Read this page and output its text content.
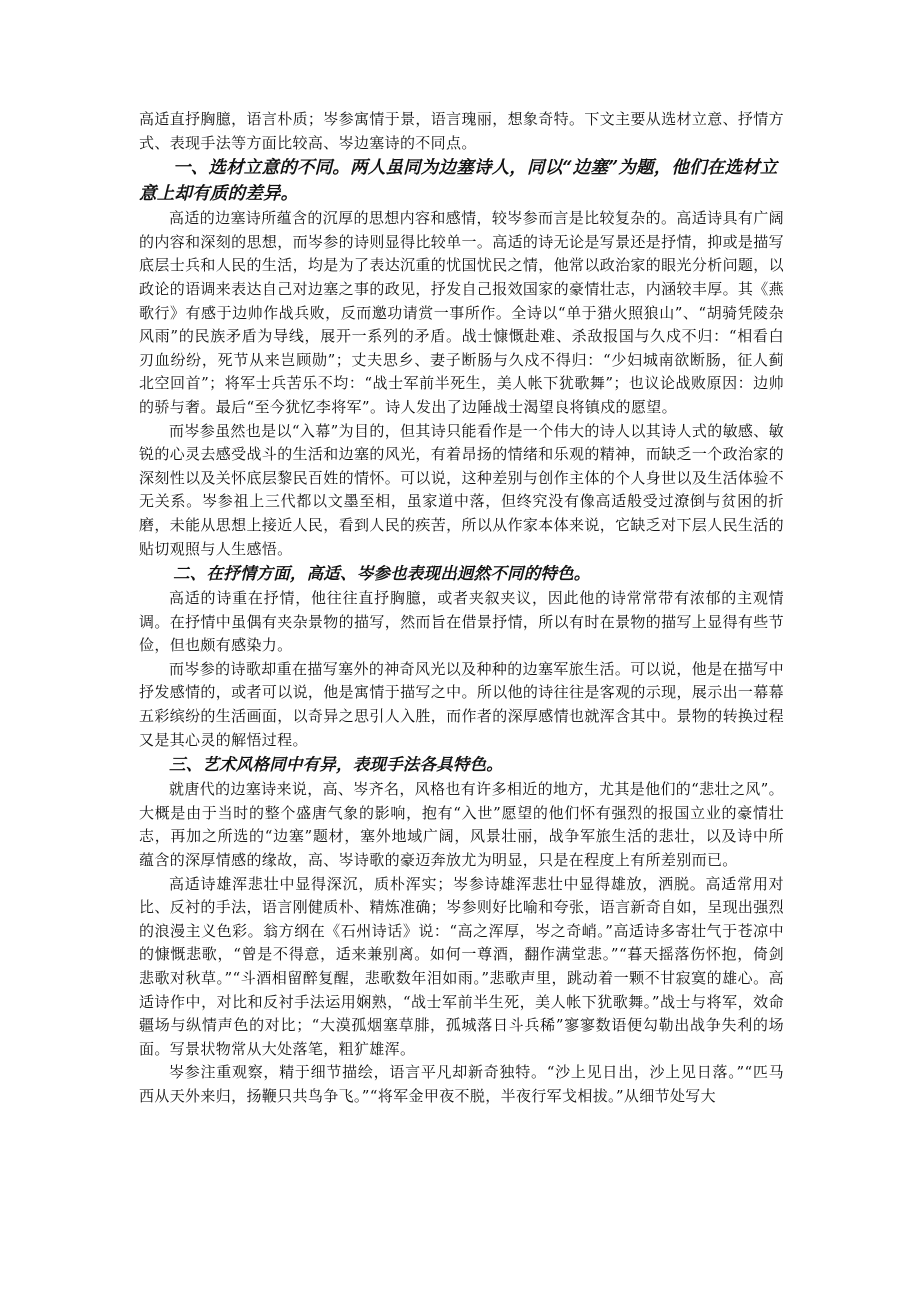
高适直抒胸臆，语言朴质；岑参寓情于景，语言瑰丽，想象奇特。下文主要从选材立意、抒情方式、表现手法等方面比较高、岑边塞诗的不同点。

一、选材立意的不同。两人虽同为边塞诗人，同以“边塞”为题，他们在选材立意上却有质的差异。

高适的边塞诗所蕴含的沉厚的思想内容和感情，较岑参而言是比较复杂的。高适诗具有广阔的内容和深刻的思想，而岑参的诗则显得比较单一。高适的诗无论是写景还是抒情，抑或是描写底层士兵和人民的生活，均是为了表达沉重的忧国忧民之情，他常以政治家的眼光分析问题，以政论的语调来表达自己对边塞之事的政见，抒发自己报效国家的豪情壮志，内涵较丰厚。其《燕歌行》有感于边帅作战兵败，反而邀功请赏一事所作。全诗以“单于猎火照狼山”、“胡骑凭陵杂风雨”的民族矛盾为导线，展开一系列的矛盾。战士慷慨赴难、杀敌报国与久戍不归：“相看白刃血纷纷，死节从来岂顾勋”；丈夫思乡、妻子断肠与久戍不得归：“少妇城南欲断肠，征人蓟北空回首”；将军士兵苦乐不均：“战士军前半死生，美人帐下犹歌舞”；也议论战败原因：边帅的骄与奢。最后“至今犹忆李将军”。诗人发出了边陲战士渴望良将镇戍的愿望。

而岑参虽然也是以“入幕”为目的，但其诗只能看作是一个伟大的诗人以其诗人式的敏感、敏锐的心灵去感受战斗的生活和边塞的风光，有着昂扬的情绪和乐观的精神，而缺乏一个政治家的深刻性以及关怀底层黎民百姓的情怀。可以说，这种差别与创作主体的个人身世以及生活体验不无关系。岑参祖上三代都以文墨至相，虽家道中落，但终究没有像高适般受过潦倒与贫困的折磨，未能从思想上接近人民，看到人民的疾苦，所以从作家本体来说，它缺乏对下层人民生活的贴切观照与人生感悟。

二、在抒情方面，高适、岑参也表现出迥然不同的特色。

高适的诗重在抒情，他往往直抒胸臆，或者夹叙夹议，因此他的诗常常带有浓郁的主观情调。在抒情中虽偶有夹杂景物的描写，然而旨在借景抒情，所以有时在景物的描写上显得有些节俭，但也颇有感染力。

而岑参的诗歌却重在描写塞外的神奇风光以及种种的边塞军旅生活。可以说，他是在描写中抒发感情的，或者可以说，他是寓情于描写之中。所以他的诗往往是客观的示现，展示出一幕幕五彩缤纷的生活画面，以奇异之思引人入胜，而作者的深厚感情也就浑含其中。景物的转换过程又是其心灵的解悟过程。

三、艺术风格同中有异，表现手法各具特色。

就唐代的边塞诗来说，高、岑齐名，风格也有许多相近的地方，尤其是他们的“悲壮之风”。大概是由于当时的整个盛唐气象的影响，抱有“入世”愿望的他们怀有强烈的报国立业的豪情壮志，再加之所选的“边塞”题材，塞外地域广阔，风景壮丽，战争军旅生活的悲壮，以及诗中所蕴含的深厚情感的缘故，高、岑诗歌的豪迈奔放尤为明显，只是在程度上有所差别而已。

高适诗雄浑悲壮中显得深沉，质朴浑实；岑参诗雄浑悲壮中显得雄放，洒脱。高适常用对比、反衬的手法，语言刚健质朴、精炼准确；岑参则好比喻和夸张，语言新奇自如，呈现出强烈的浪漫主义色彩。翁方纲在《石州诗话》说：“高之浑厚，岑之奇峭。”高适诗多寄壮气于苍凉中的慷慨悲歌，“曾是不得意，适来兼别离。如何一尊酒，翻作满堂悲。”“暮天摇落伤怀抱，倚剑悲歌对秋草。”“斗酒相留醉复醒，悲歌数年泪如雨。”悲歌声里，跳动着一颗不甘寂寞的雄心。高适诗作中，对比和反衬手法运用娴熟，“战士军前半生死，美人帐下犹歌舞。”战士与将军，效命疆场与纵情声色的对比；“大漠孤烟塞草腓，孤城落日斗兵稀”寥寥数语便勾勒出战争失利的场面。写景状物常从大处落笔，粗犷雄浑。

岑参注重观察，精于细节描绘，语言平凡却新奇独特。“沙上见日出，沙上见日落。”“匹马西从天外来归，扬鞭只共鸟争飞。”“将军金甲夜不脱，半夜行军戈相拔。”从细节处写大
